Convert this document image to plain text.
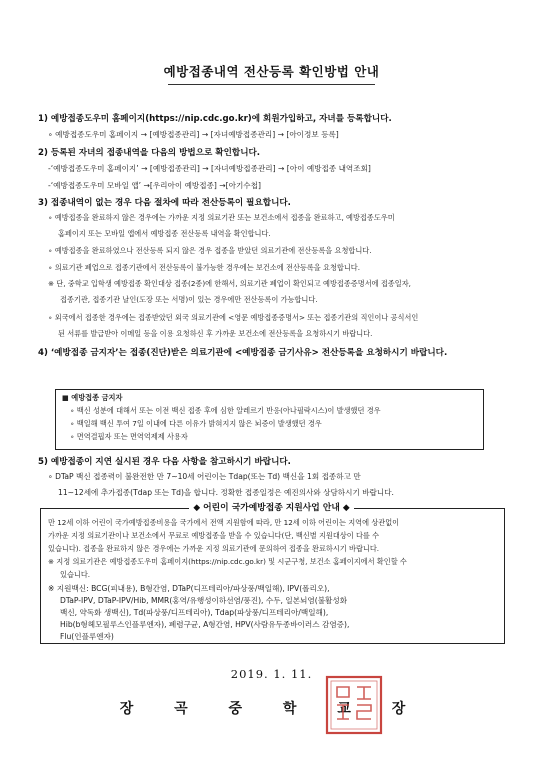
예방접종내역 전산등록 확인방법 안내
1) 예방접종도우미 홈페이지(https://nip.cdc.go.kr)에 회원가입하고, 자녀를 등록합니다.
∘ 예방접종도우미 홈페이지 → [예방접종관리] → [자녀예방접종관리] → [아이정보 등록]
2) 등록된 자녀의 접종내역을 다음의 방법으로 확인합니다.
-‘예방접종도우미 홈페이지’ → [예방접종관리] → [자녀예방접종관리] → [아이 예방접종 내역조회]
-‘예방접종도우미 모바일 앱’ →[우리아이 예방접종] →[아기수첩]
3) 접종내역이 없는 경우 다음 절차에 따라 전산등록이 필요합니다.
∘ 예방접종을 완료하지 않은 경우에는 가까운 지정 의료기관 또는 보건소에서 접종을 완료하고, 예방접종도우미
홈페이지 또는 모바일 앱에서 예방접종 전산등록 내역을 확인합니다.
∘ 예방접종을 완료하였으나 전산등록 되지 않은 경우 접종을 받았던 의료기관에 전산등록을 요청합니다.
∘ 의료기관 폐업으로 접종기관에서 전산등록이 불가능한 경우에는 보건소에 전산등록을 요청합니다.
※ 단, 중학교 입학생 예방접종 확인대상 접종(2종)에 한해서, 의료기관 폐업이 확인되고 예방접종증명서에 접종일자,
접종기관, 접종기관 날인(도장 또는 서명)이 있는 경우에만 전산등록이 가능합니다.
∘ 외국에서 접종한 경우에는 접종받았던 외국 의료기관에 <영문 예방접종증명서> 또는 접종기관의 직인이나 공식서인
된 서류를 발급받아 이메일 등을 이용 요청하신 후 가까운 보건소에 전산등록을 요청하시기 바랍니다.
4) ‘예방접종 금지자’는 접종(진단)받은 의료기관에 <예방접종 금기사유> 전산등록을 요청하시기 바랍니다.
■ 예방접종 금지자
∘ 백신 성분에 대해서 또는 이전 백신 접종 후에 심한 알레르기 반응(아나필락시스)이 발생했던 경우
∘ 백일해 백신 투여 7일 이내에 다른 이유가 밝혀지지 않은 뇌증이 발생했던 경우
∘ 면역결핍자 또는 면역억제제 사용자
5) 예방접종이 지연 실시된 경우 다음 사항을 참고하시기 바랍니다.
∘ DTaP 백신 접종력이 불완전한 만 7~10세 어린이는 Tdap(또는 Td) 백신을 1회 접종하고 만
11~12세에 추가접종(Tdap 또는 Td)을 합니다. 정확한 접종일정은 예진의사와 상담하시기 바랍니다.
◆ 어린이 국가예방접종 지원사업 안내 ◆
만 12세 이하 어린이 국가예방접종비용을 국가에서 전액 지원함에 따라, 만 12세 이하 어린이는 지역에 상관없이
가까운 지정 의료기관이나 보건소에서 무료로 예방접종을 받을 수 있습니다(단, 백신별 지원대상이 다를 수
있습니다). 접종을 완료하지 않은 경우에는 가까운 지정 의료기관에 문의하여 접종을 완료하시기 바랍니다.
※ 지정 의료기관은 예방접종도우미 홈페이지(https://nip.cdc.go.kr) 및 시군구청, 보건소 홈페이지에서 확인할 수
있습니다.
※ 지원백신: BCG(피내용), B형간염, DTaP(디프테리아/파상풍/백일해), IPV(폴리오),
DTaP-IPV, DTaP-IPV/Hib, MMR(홍역/유행성이하선염/풍진), 수두, 일본뇌염(불활성화
백신, 약독화 생백신), Td(파상풍/디프테리아), Tdap(파상풍/디프테리아/백일해),
Hib(b형헤모필루스인플루엔자), 폐렴구균, A형간염, HPV(사람유두종바이러스 감염증),
Flu(인플루엔자)
2019. 1. 11.
장 곡 중 학 교 장
